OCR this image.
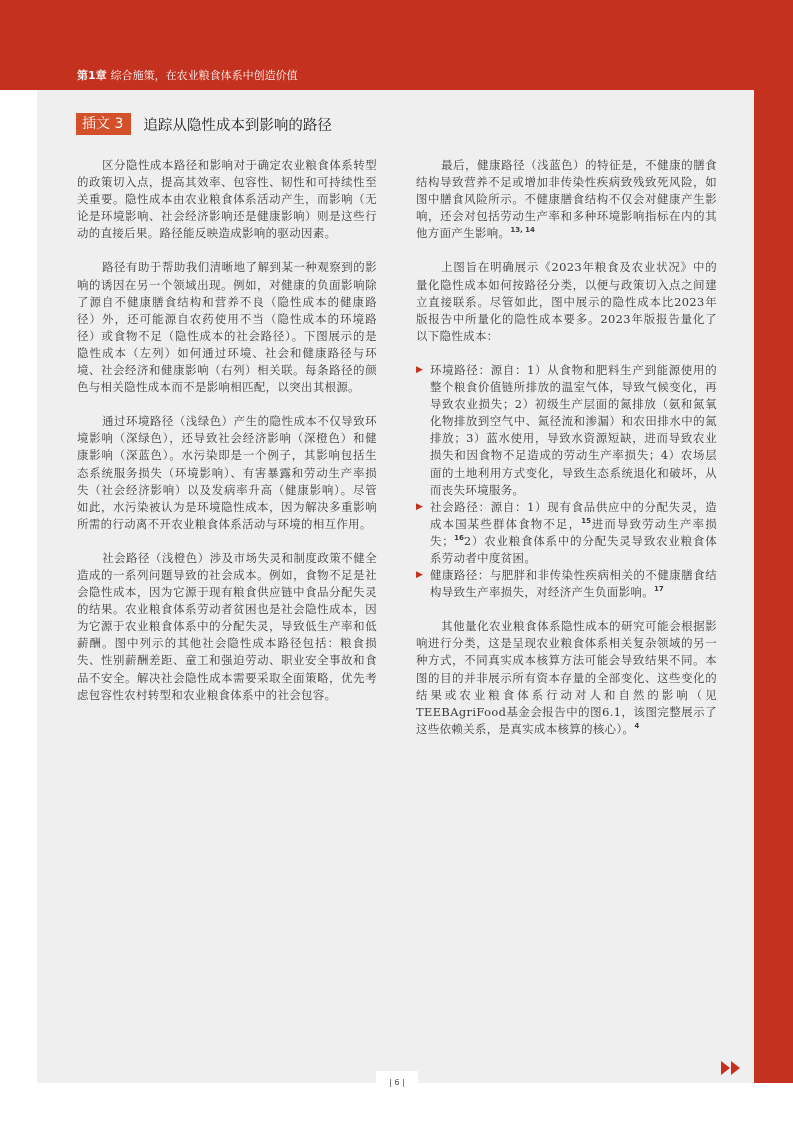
第1章 综合施策，在农业粮食体系中创造价值
插文 3	追踪从隐性成本到影响的路径

区分隐性成本路径和影响对于确定农业粮食体系转型的政策切入点，提高其效率、包容性、韧性和可持续性至关重要。隐性成本由农业粮食体系活动产生，而影响（无论是环境影响、社会经济影响还是健康影响）则是这些行动的直接后果。路径能反映造成影响的驱动因素。

路径有助于帮助我们清晰地了解到某一种观察到的影响的诱因在另一个领域出现。例如，对健康的负面影响除了源自不健康膳食结构和营养不良（隐性成本的健康路径）外，还可能源自农药使用不当（隐性成本的环境路径）或食物不足（隐性成本的社会路径）。下图展示的是隐性成本（左列）如何通过环境、社会和健康路径与环境、社会经济和健康影响（右列）相关联。每条路径的颜色与相关隐性成本而不是影响相匹配，以突出其根源。

通过环境路径（浅绿色）产生的隐性成本不仅导致环境影响（深绿色），还导致社会经济影响（深橙色）和健康影响（深蓝色）。水污染即是一个例子，其影响包括生态系统服务损失（环境影响）、有害暴露和劳动生产率损失（社会经济影响）以及发病率升高（健康影响）。尽管如此，水污染被认为是环境隐性成本，因为解决多重影响所需的行动离不开农业粮食体系活动与环境的相互作用。

社会路径（浅橙色）涉及市场失灵和制度政策不健全造成的一系列问题导致的社会成本。例如，食物不足是社会隐性成本，因为它源于现有粮食供应链中食品分配失灵的结果。农业粮食体系劳动者贫困也是社会隐性成本，因为它源于农业粮食体系中的分配失灵，导致低生产率和低薪酬。图中列示的其他社会隐性成本路径包括：粮食损失、性别薪酬差距、童工和强迫劳动、职业安全事故和食品不安全。解决社会隐性成本需要采取全面策略，优先考虑包容性农村转型和农业粮食体系中的社会包容。

最后，健康路径（浅蓝色）的特征是，不健康的膳食结构导致营养不足或增加非传染性疾病致残致死风险，如图中膳食风险所示。不健康膳食结构不仅会对健康产生影响，还会对包括劳动生产率和多种环境影响指标在内的其他方面产生影响。$^{13, 14}$

上图旨在明确展示《2023年粮食及农业状况》中的量化隐性成本如何按路径分类，以便与政策切入点之间建立直接联系。尽管如此，图中展示的隐性成本比2023年版报告中所量化的隐性成本要多。2023年版报告量化了以下隐性成本：

▶ 环境路径：源自：1）从食物和肥料生产到能源使用的整个粮食价值链所排放的温室气体，导致气候变化，再导致农业损失；2）初级生产层面的氮排放（氨和氮氧化物排放到空气中、氮径流和渗漏）和农田排水中的氮排放；3）蓝水使用，导致水资源短缺，进而导致农业损失和因食物不足造成的劳动生产率损失；4）农场层面的土地利用方式变化，导致生态系统退化和破坏，从而丧失环境服务。
▶ 社会路径：源自：1）现有食品供应中的分配失灵，造成本国某些群体食物不足，$^{15}$进而导致劳动生产率损失；$^{16}$2）农业粮食体系中的分配失灵导致农业粮食体系劳动者中度贫困。
▶ 健康路径：与肥胖和非传染性疾病相关的不健康膳食结构导致生产率损失，对经济产生负面影响。$^{17}$

其他量化农业粮食体系隐性成本的研究可能会根据影响进行分类，这是呈现农业粮食体系相关复杂领域的另一种方式，不同真实成本核算方法可能会导致结果不同。本图的目的并非展示所有资本存量的全部变化、这些变化的结果或农业粮食体系行动对人和自然的影响（见TEEBAgriFood基金会报告中的图6.1，该图完整展示了这些依赖关系，是真实成本核算的核心）。$^4$

| 6 |
